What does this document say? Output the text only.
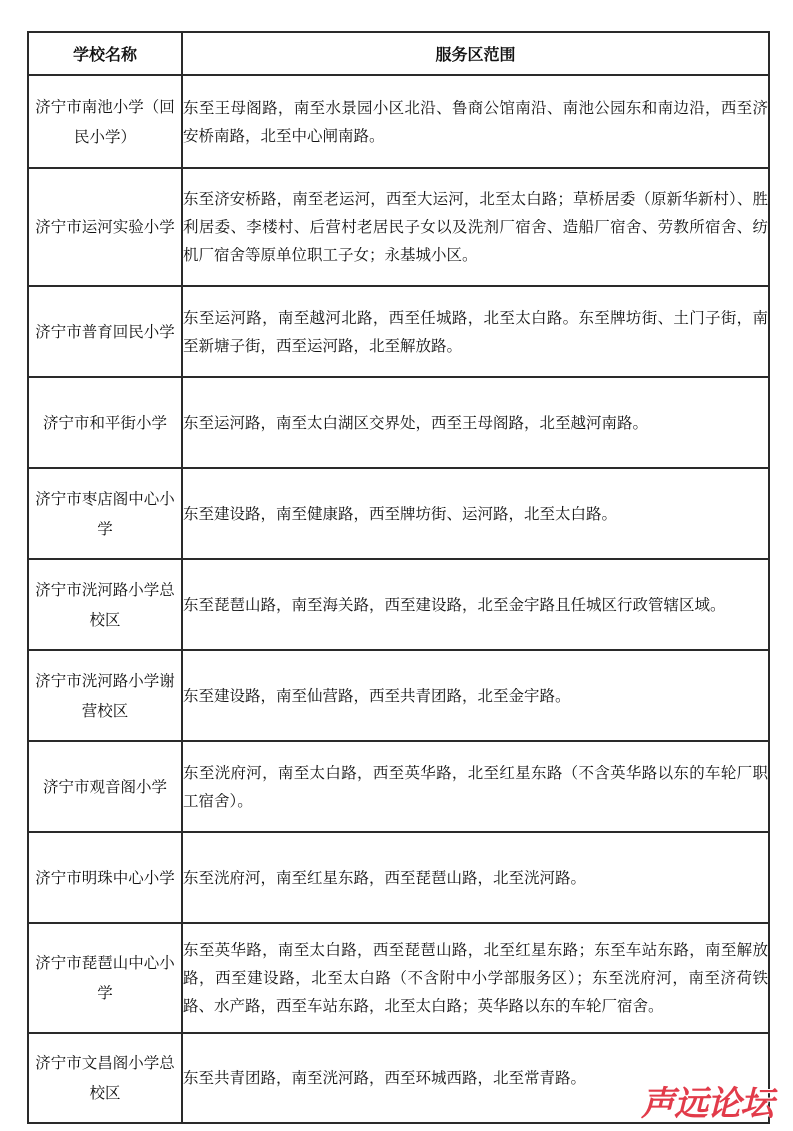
学校名称	服务区范围
济宁市南池小学（回民小学）	东至王母阁路，南至水景园小区北沿、鲁商公馆南沿、南池公园东和南边沿，西至济安桥南路，北至中心闸南路。
济宁市运河实验小学	东至济安桥路，南至老运河，西至大运河，北至太白路；草桥居委（原新华新村）、胜利居委、李楼村、后营村老居民子女以及洗剂厂宿舍、造船厂宿舍、劳教所宿舍、纺机厂宿舍等原单位职工子女；永基城小区。
济宁市普育回民小学	东至运河路，南至越河北路，西至任城路，北至太白路。东至牌坊街、土门子街，南至新塘子街，西至运河路，北至解放路。
济宁市和平街小学	东至运河路，南至太白湖区交界处，西至王母阁路，北至越河南路。
济宁市枣店阁中心小学	东至建设路，南至健康路，西至牌坊街、运河路，北至太白路。
济宁市洸河路小学总校区	东至琵琶山路，南至海关路，西至建设路，北至金宇路且任城区行政管辖区域。
济宁市洸河路小学谢营校区	东至建设路，南至仙营路，西至共青团路，北至金宇路。
济宁市观音阁小学	东至洸府河，南至太白路，西至英华路，北至红星东路（不含英华路以东的车轮厂职工宿舍）。
济宁市明珠中心小学	东至洸府河，南至红星东路，西至琵琶山路，北至洸河路。
济宁市琵琶山中心小学	东至英华路，南至太白路，西至琵琶山路，北至红星东路；东至车站东路，南至解放路，西至建设路，北至太白路（不含附中小学部服务区）；东至洸府河，南至济荷铁路、水产路，西至车站东路，北至太白路；英华路以东的车轮厂宿舍。
济宁市文昌阁小学总校区	东至共青团路，南至洸河路，西至环城西路，北至常青路。
声远论坛
